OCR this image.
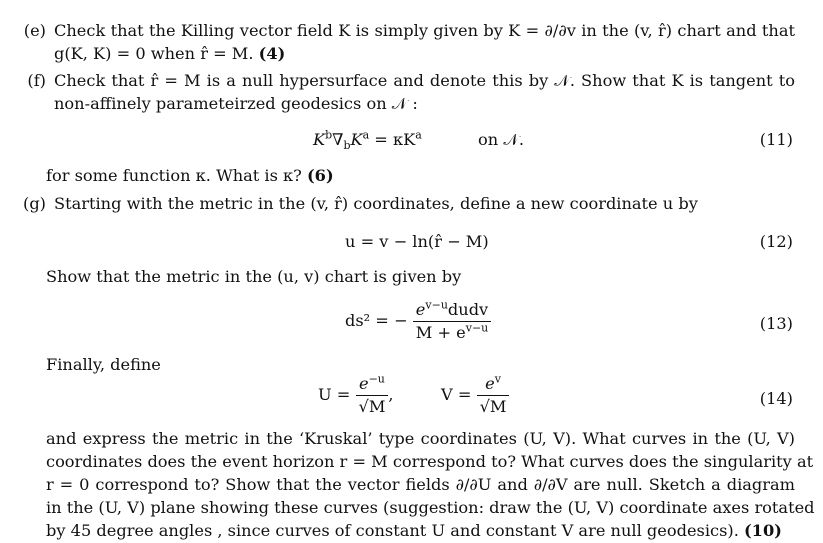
(e) Check that the Killing vector field K is simply given by K = ∂/∂v in the (v, r̂) chart and that
g(K, K) = 0 when r̂ = M. (4)
(f) Check that r̂ = M is a null hypersurface and denote this by 𝒩. Show that K is tangent to
non-affinely parameteirzed geodesics on 𝒩 :
$K^b\nabla_bK^a = \kappa K^a$	on 𝒩.	(11)
for some function κ. What is κ? (6)
(g) Starting with the metric in the (v, r̂) coordinates, define a new coordinate u by
u = v − ln(r̂ − M)	(12)
Show that the metric in the (u, v) chart is given by
ds² = − $\frac{e^{v-u}dudv}{M + e^{v-u}}$	(13)
Finally, define
$U = \frac{e^{-u}}{√M}$ ,	$V = \frac{e^v}{√M}$	(14)
and express the metric in the ‘Kruskal’ type coordinates (U, V). What curves in the (U, V)
coordinates does the event horizon r = M correspond to? What curves does the singularity at
r = 0 correspond to? Show that the vector fields ∂/∂U and ∂/∂V are null. Sketch a diagram
in the (U, V) plane showing these curves (suggestion: draw the (U, V) coordinate axes rotated
by 45 degree angles , since curves of constant U and constant V are null geodesics). (10)
